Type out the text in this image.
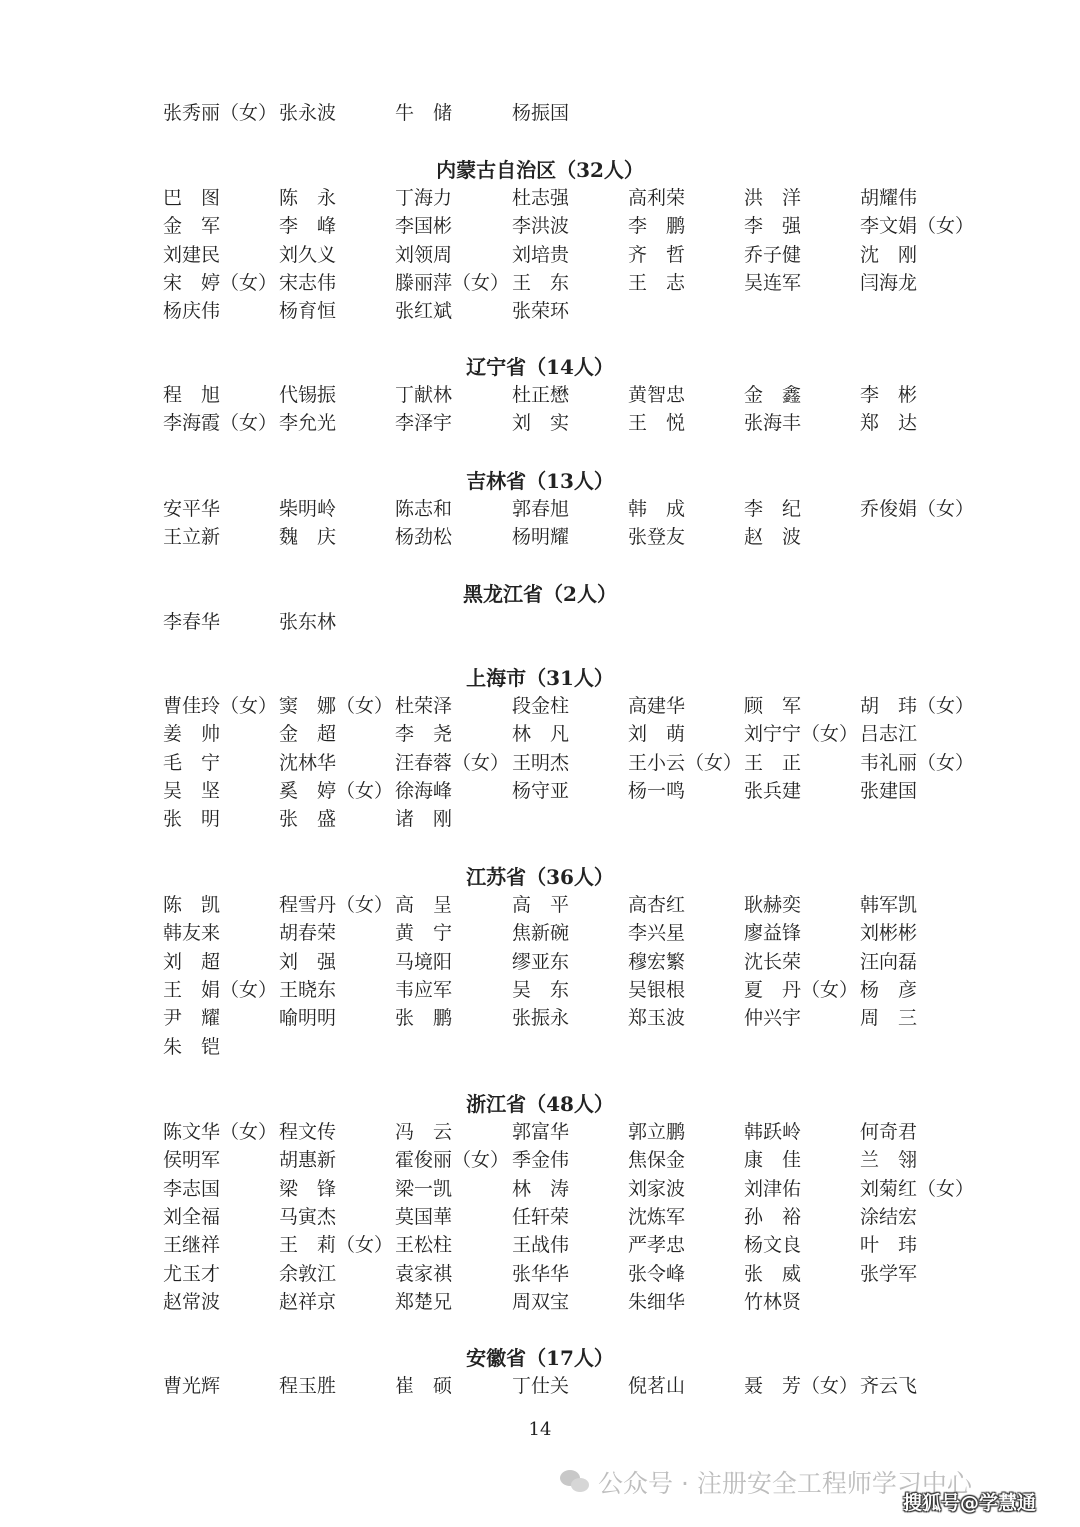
张秀丽（女） 张永波	牛　储	杨振国
内蒙古自治区（32人）
巴　图	陈　永	丁海力	杜志强	高利荣	洪　洋	胡耀伟
金　军	李　峰	李国彬	李洪波	李　鹏	李　强	李文娟（女）
刘建民	刘久义	刘领周	刘培贵	齐　哲	乔子健	沈　刚
宋　婷（女） 宋志伟	滕丽萍（女） 王　东	王　志	吴连军	闫海龙
杨庆伟	杨育恒	张红斌	张荣环
辽宁省（14人）
程　旭	代锡振	丁献林	杜正懋	黄智忠	金　鑫	李　彬
李海霞（女） 李允光	李泽宇	刘　实	王　悦	张海丰	郑　达
吉林省（13人）
安平华	柴明岭	陈志和	郭春旭	韩　成	李　纪	乔俊娟（女）
王立新	魏　庆	杨劲松	杨明耀	张登友	赵　波
黑龙江省（2人）
李春华	张东林
上海市（31人）
曹佳玲（女） 窦　娜（女） 杜荣泽	段金柱	高建华	顾　军	胡　玮（女）
姜　帅	金　超	李　尧	林　凡	刘　萌	刘宁宁（女） 吕志江
毛　宁	沈林华	汪春蓉（女） 王明杰	王小云（女） 王　正	韦礼丽（女）
吴　坚	奚　婷（女） 徐海峰	杨守亚	杨一鸣	张兵建	张建国
张　明	张　盛	诸　刚
江苏省（36人）
陈　凯	程雪丹（女） 高　呈	高　平	高杏红	耿赫奕	韩军凯
韩友来	胡春荣	黄　宁	焦新碗	李兴星	廖益锋	刘彬彬
刘　超	刘　强	马境阳	缪亚东	穆宏繁	沈长荣	汪向磊
王　娟（女） 王晓东	韦应军	吴　东	吴银根	夏　丹（女） 杨　彦
尹　耀	喻明明	张　鹏	张振永	郑玉波	仲兴宇	周　三
朱　铠
浙江省（48人）
陈文华（女） 程文传	冯　云	郭富华	郭立鹏	韩跃岭	何奇君
侯明军	胡惠新	霍俊丽（女） 季金伟	焦保金	康　佳	兰　翎
李志国	梁　锋	梁一凯	林　涛	刘家波	刘津佑	刘菊红（女）
刘全福	马寅杰	莫国華	任轩荣	沈炼军	孙　裕	涂结宏
王继祥	王　莉（女） 王松柱	王战伟	严孝忠	杨文良	叶　玮
尤玉才	余敦江	袁家祺	张华华	张令峰	张　威	张学军
赵常波	赵祥京	郑楚兄	周双宝	朱细华	竹林贤
安徽省（17人）
曹光辉	程玉胜	崔　硕	丁仕关	倪茗山	聂　芳（女） 齐云飞
14
公众号 · 注册安全工程师学习中心
搜狐号@学慧通
